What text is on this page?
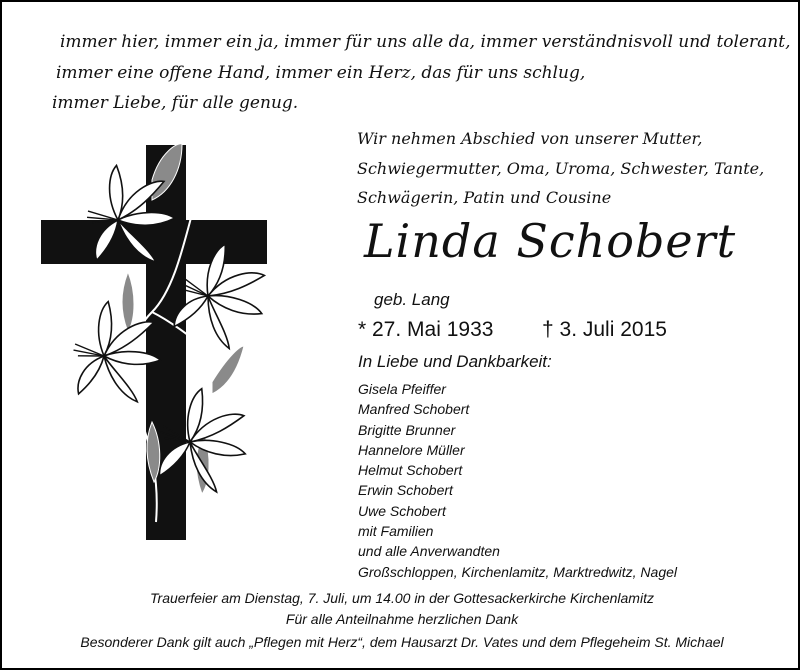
immer hier, immer ein ja, immer für uns alle da, immer verständnisvoll und tolerant,
immer eine offene Hand, immer ein Herz, das für uns schlug,
immer Liebe, für alle genug.
Wir nehmen Abschied von unserer Mutter,
Schwiegermutter, Oma, Uroma, Schwester, Tante,
Schwägerin, Patin und Cousine
Linda Schobert
geb. Lang
* 27. Mai 1933 † 3. Juli 2015
In Liebe und Dankbarkeit:
Gisela Pfeiffer
Manfred Schobert
Brigitte Brunner
Hannelore Müller
Helmut Schobert
Erwin Schobert
Uwe Schobert
mit Familien
und alle Anverwandten
Großschloppen, Kirchenlamitz, Marktredwitz, Nagel
Trauerfeier am Dienstag, 7. Juli, um 14.00 in der Gottesackerkirche Kirchenlamitz
Für alle Anteilnahme herzlichen Dank
Besonderer Dank gilt auch „Pflegen mit Herz“, dem Hausarzt Dr. Vates und dem Pflegeheim St. Michael
